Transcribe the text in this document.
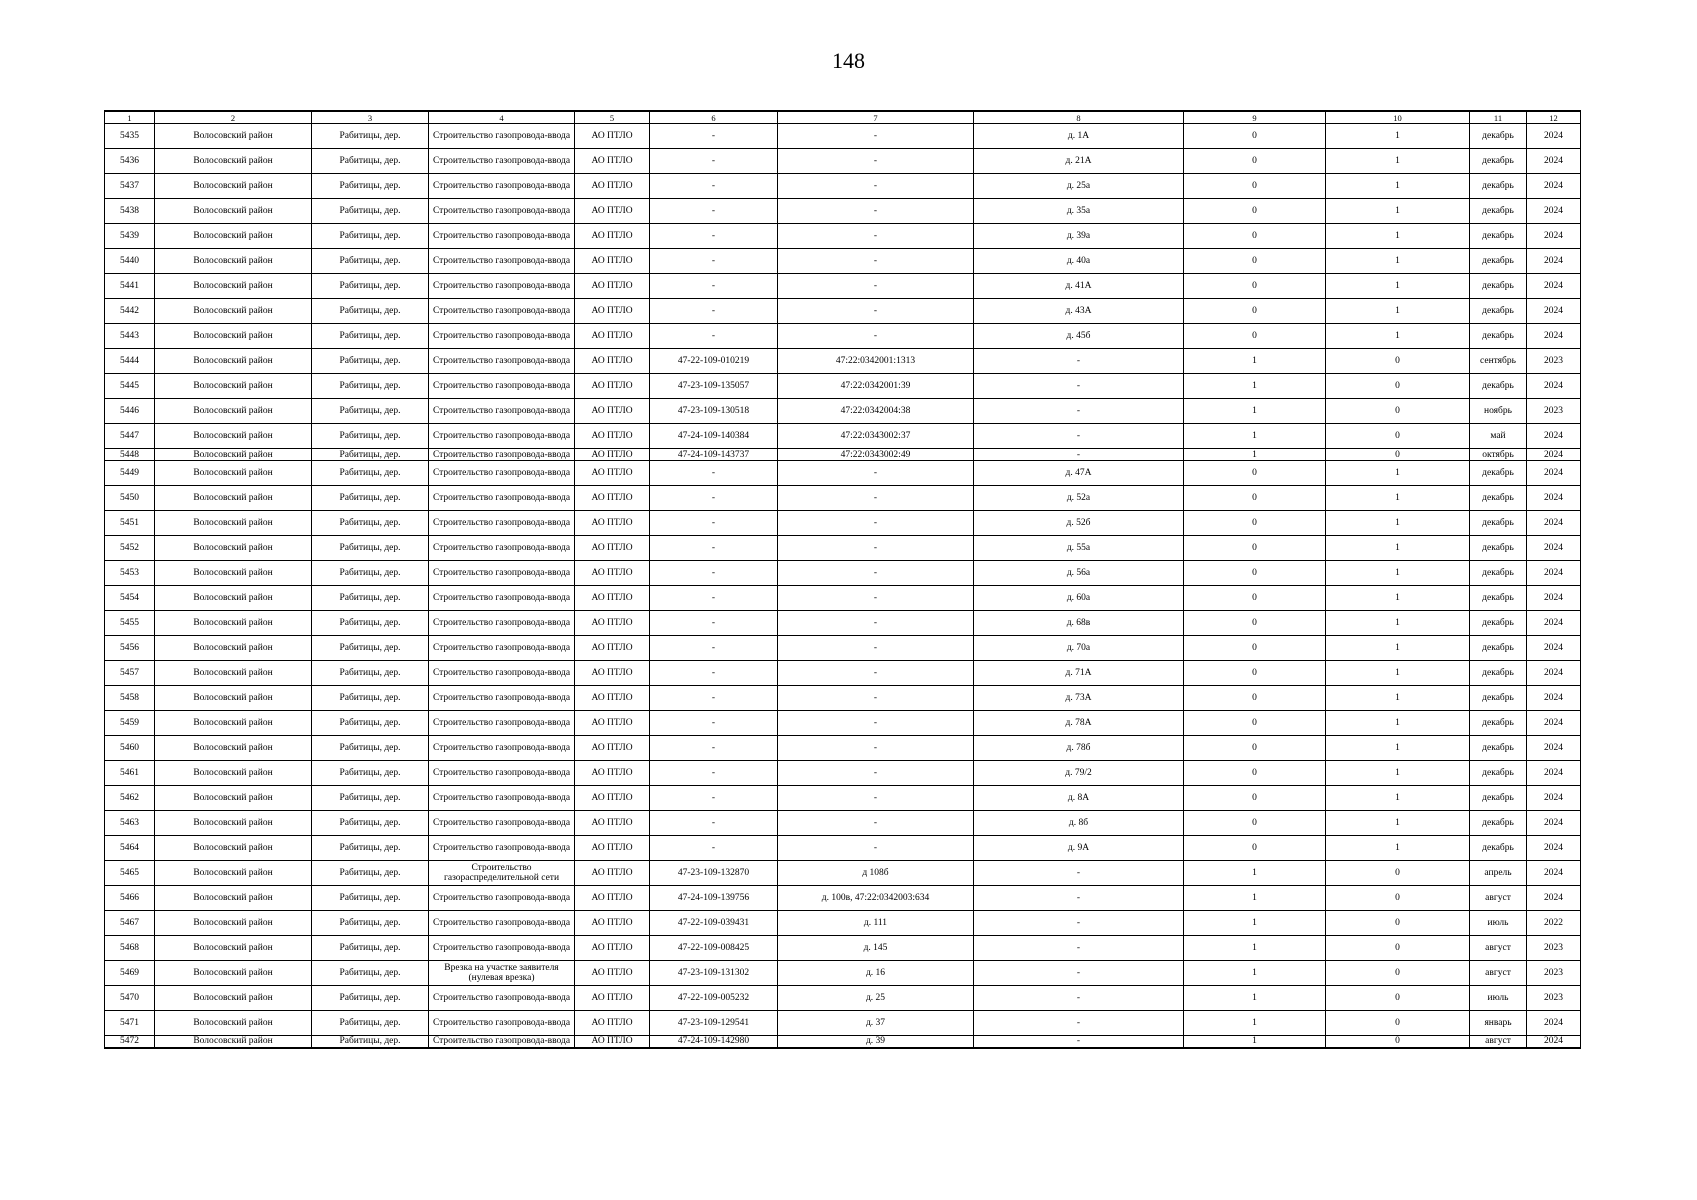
148
1	2	3	4	5	6	7	8	9	10	11	12
5435	Волосовский район	Рабитицы, дер.	Строительство газопровода-ввода	АО ПТЛО	-	-	д. 1А	0	1	декабрь	2024
5436	Волосовский район	Рабитицы, дер.	Строительство газопровода-ввода	АО ПТЛО	-	-	д. 21А	0	1	декабрь	2024
5437	Волосовский район	Рабитицы, дер.	Строительство газопровода-ввода	АО ПТЛО	-	-	д. 25а	0	1	декабрь	2024
5438	Волосовский район	Рабитицы, дер.	Строительство газопровода-ввода	АО ПТЛО	-	-	д. 35а	0	1	декабрь	2024
5439	Волосовский район	Рабитицы, дер.	Строительство газопровода-ввода	АО ПТЛО	-	-	д. 39а	0	1	декабрь	2024
5440	Волосовский район	Рабитицы, дер.	Строительство газопровода-ввода	АО ПТЛО	-	-	д. 40а	0	1	декабрь	2024
5441	Волосовский район	Рабитицы, дер.	Строительство газопровода-ввода	АО ПТЛО	-	-	д. 41А	0	1	декабрь	2024
5442	Волосовский район	Рабитицы, дер.	Строительство газопровода-ввода	АО ПТЛО	-	-	д. 43А	0	1	декабрь	2024
5443	Волосовский район	Рабитицы, дер.	Строительство газопровода-ввода	АО ПТЛО	-	-	д. 45б	0	1	декабрь	2024
5444	Волосовский район	Рабитицы, дер.	Строительство газопровода-ввода	АО ПТЛО	47-22-109-010219	47:22:0342001:1313	-	1	0	сентябрь	2023
5445	Волосовский район	Рабитицы, дер.	Строительство газопровода-ввода	АО ПТЛО	47-23-109-135057	47:22:0342001:39	-	1	0	декабрь	2024
5446	Волосовский район	Рабитицы, дер.	Строительство газопровода-ввода	АО ПТЛО	47-23-109-130518	47:22:0342004:38	-	1	0	ноябрь	2023
5447	Волосовский район	Рабитицы, дер.	Строительство газопровода-ввода	АО ПТЛО	47-24-109-140384	47:22:0343002:37	-	1	0	май	2024
5448	Волосовский район	Рабитицы, дер.	Строительство газопровода-ввода	АО ПТЛО	47-24-109-143737	47:22:0343002:49	-	1	0	октябрь	2024
5449	Волосовский район	Рабитицы, дер.	Строительство газопровода-ввода	АО ПТЛО	-	-	д. 47А	0	1	декабрь	2024
5450	Волосовский район	Рабитицы, дер.	Строительство газопровода-ввода	АО ПТЛО	-	-	д. 52а	0	1	декабрь	2024
5451	Волосовский район	Рабитицы, дер.	Строительство газопровода-ввода	АО ПТЛО	-	-	д. 52б	0	1	декабрь	2024
5452	Волосовский район	Рабитицы, дер.	Строительство газопровода-ввода	АО ПТЛО	-	-	д. 55а	0	1	декабрь	2024
5453	Волосовский район	Рабитицы, дер.	Строительство газопровода-ввода	АО ПТЛО	-	-	д. 56а	0	1	декабрь	2024
5454	Волосовский район	Рабитицы, дер.	Строительство газопровода-ввода	АО ПТЛО	-	-	д. 60а	0	1	декабрь	2024
5455	Волосовский район	Рабитицы, дер.	Строительство газопровода-ввода	АО ПТЛО	-	-	д. 68в	0	1	декабрь	2024
5456	Волосовский район	Рабитицы, дер.	Строительство газопровода-ввода	АО ПТЛО	-	-	д. 70а	0	1	декабрь	2024
5457	Волосовский район	Рабитицы, дер.	Строительство газопровода-ввода	АО ПТЛО	-	-	д. 71А	0	1	декабрь	2024
5458	Волосовский район	Рабитицы, дер.	Строительство газопровода-ввода	АО ПТЛО	-	-	д. 73А	0	1	декабрь	2024
5459	Волосовский район	Рабитицы, дер.	Строительство газопровода-ввода	АО ПТЛО	-	-	д. 78А	0	1	декабрь	2024
5460	Волосовский район	Рабитицы, дер.	Строительство газопровода-ввода	АО ПТЛО	-	-	д. 78б	0	1	декабрь	2024
5461	Волосовский район	Рабитицы, дер.	Строительство газопровода-ввода	АО ПТЛО	-	-	д. 79/2	0	1	декабрь	2024
5462	Волосовский район	Рабитицы, дер.	Строительство газопровода-ввода	АО ПТЛО	-	-	д. 8А	0	1	декабрь	2024
5463	Волосовский район	Рабитицы, дер.	Строительство газопровода-ввода	АО ПТЛО	-	-	д. 8б	0	1	декабрь	2024
5464	Волосовский район	Рабитицы, дер.	Строительство газопровода-ввода	АО ПТЛО	-	-	д. 9А	0	1	декабрь	2024
5465	Волосовский район	Рабитицы, дер.	Строительство газораспределительной сети	АО ПТЛО	47-23-109-132870	д 108б	-	1	0	апрель	2024
5466	Волосовский район	Рабитицы, дер.	Строительство газопровода-ввода	АО ПТЛО	47-24-109-139756	д. 100в, 47:22:0342003:634	-	1	0	август	2024
5467	Волосовский район	Рабитицы, дер.	Строительство газопровода-ввода	АО ПТЛО	47-22-109-039431	д. 111	-	1	0	июль	2022
5468	Волосовский район	Рабитицы, дер.	Строительство газопровода-ввода	АО ПТЛО	47-22-109-008425	д. 145	-	1	0	август	2023
5469	Волосовский район	Рабитицы, дер.	Врезка на участке заявителя (нулевая врезка)	АО ПТЛО	47-23-109-131302	д. 16	-	1	0	август	2023
5470	Волосовский район	Рабитицы, дер.	Строительство газопровода-ввода	АО ПТЛО	47-22-109-005232	д. 25	-	1	0	июль	2023
5471	Волосовский район	Рабитицы, дер.	Строительство газопровода-ввода	АО ПТЛО	47-23-109-129541	д. 37	-	1	0	январь	2024
5472	Волосовский район	Рабитицы, дер.	Строительство газопровода-ввода	АО ПТЛО	47-24-109-142980	д. 39	-	1	0	август	2024
